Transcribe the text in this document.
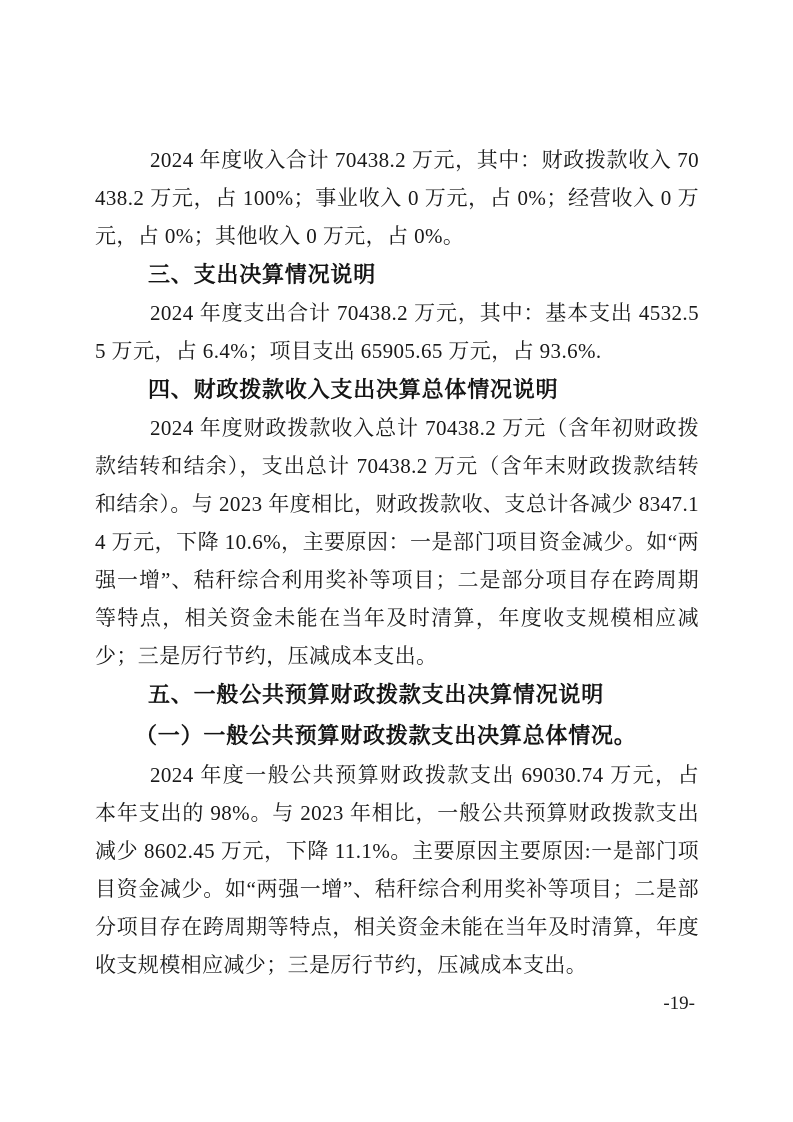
2024 年度收入合计 70438.2 万元，其中：财政拨款收入 70438.2 万元，占 100%；事业收入 0 万元，占 0%；经营收入 0 万元，占 0%；其他收入 0 万元，占 0%。

三、支出决算情况说明

2024 年度支出合计 70438.2 万元，其中：基本支出 4532.55 万元，占 6.4%；项目支出 65905.65 万元，占 93.6%.

四、财政拨款收入支出决算总体情况说明

2024 年度财政拨款收入总计 70438.2 万元（含年初财政拨款结转和结余），支出总计 70438.2 万元（含年末财政拨款结转和结余）。与 2023 年度相比，财政拨款收、支总计各减少 8347.14 万元，下降 10.6%，主要原因：一是部门项目资金减少。如“两强一增”、秸秆综合利用奖补等项目；二是部分项目存在跨周期等特点，相关资金未能在当年及时清算，年度收支规模相应减少；三是厉行节约，压减成本支出。

五、一般公共预算财政拨款支出决算情况说明
（一）一般公共预算财政拨款支出决算总体情况。

2024 年度一般公共预算财政拨款支出 69030.74 万元，占本年支出的 98%。与 2023 年相比，一般公共预算财政拨款支出减少 8602.45 万元，下降 11.1%。主要原因主要原因:一是部门项目资金减少。如“两强一增”、秸秆综合利用奖补等项目；二是部分项目存在跨周期等特点，相关资金未能在当年及时清算，年度收支规模相应减少；三是厉行节约，压减成本支出。

-19-
